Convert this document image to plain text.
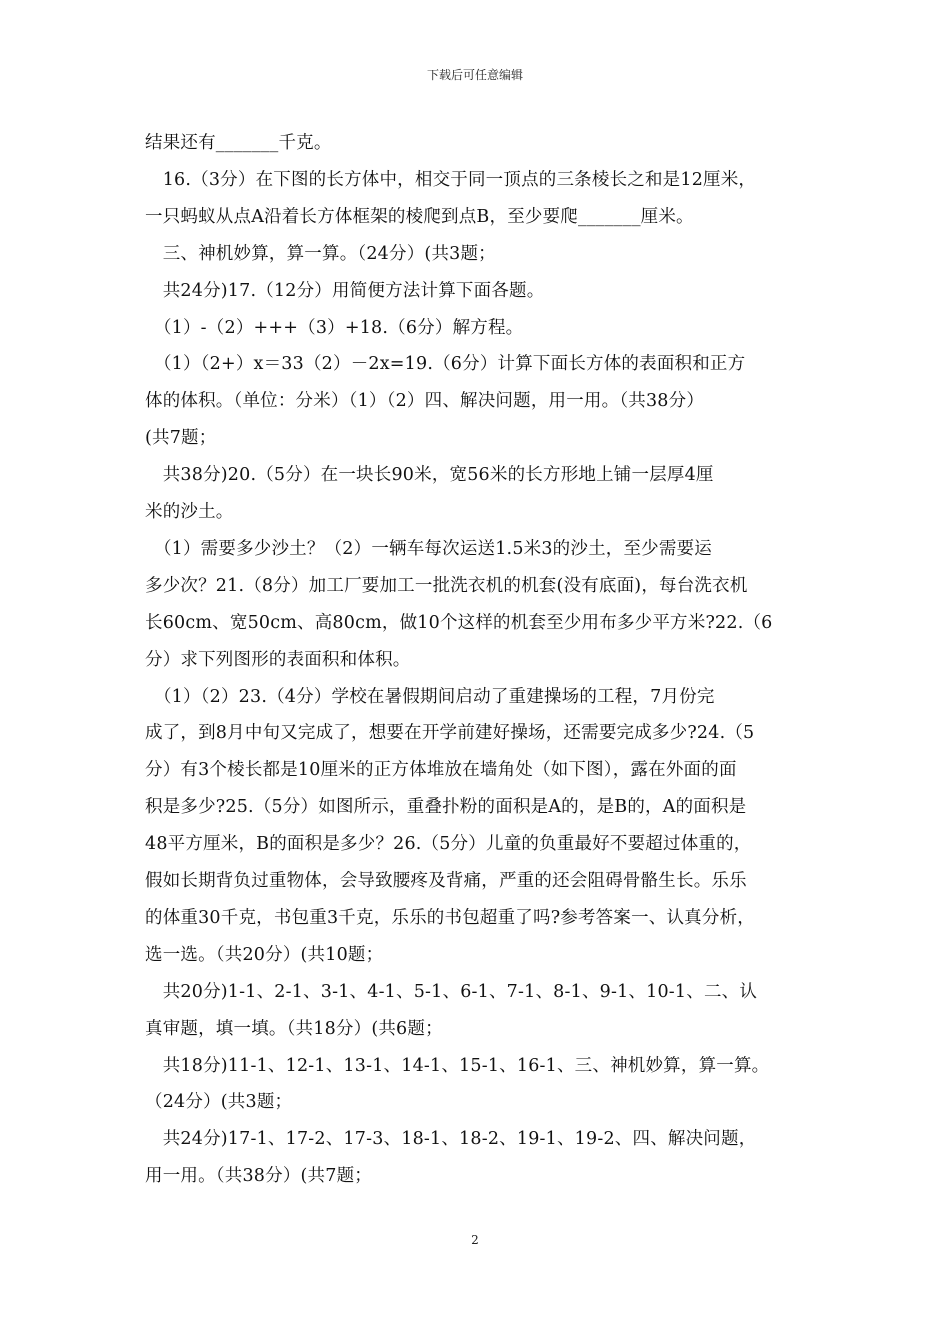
下载后可任意编辑
结果还有_______千克。
　16.（3分）在下图的长方体中，相交于同一顶点的三条棱长之和是12厘米，
一只蚂蚁从点A沿着长方体框架的棱爬到点B，至少要爬_______厘米。
　三、神机妙算，算一算。（24分）(共3题；
　共24分)17.（12分）用简便方法计算下面各题。
　（1）-（2）+++（3）+18.（6分）解方程。
　（1）（2+）x＝33（2）－2x=19.（6分）计算下面长方体的表面积和正方
体的体积。（单位：分米）（1）（2）四、解决问题，用一用。（共38分）
(共7题；
　共38分)20.（5分）在一块长90米，宽56米的长方形地上铺一层厚4厘
米的沙土。
　（1）需要多少沙土？（2）一辆车每次运送1.5米3的沙土，至少需要运
多少次？21.（8分）加工厂要加工一批洗衣机的机套(没有底面)，每台洗衣机
长60cm、宽50cm、高80cm，做10个这样的机套至少用布多少平方米?22.（6
分）求下列图形的表面积和体积。
　（1）（2）23.（4分）学校在暑假期间启动了重建操场的工程，7月份完
成了，到8月中旬又完成了，想要在开学前建好操场，还需要完成多少?24.（5
分）有3个棱长都是10厘米的正方体堆放在墙角处（如下图），露在外面的面
积是多少?25.（5分）如图所示，重叠扑粉的面积是A的，是B的，A的面积是
48平方厘米，B的面积是多少？26.（5分）儿童的负重最好不要超过体重的，
假如长期背负过重物体，会导致腰疼及背痛，严重的还会阻碍骨骼生长。乐乐
的体重30千克，书包重3千克，乐乐的书包超重了吗?参考答案一、认真分析，
选一选。（共20分）(共10题；
　共20分)1-1、2-1、3-1、4-1、5-1、6-1、7-1、8-1、9-1、10-1、二、认
真审题，填一填。（共18分）(共6题；
　共18分)11-1、12-1、13-1、14-1、15-1、16-1、三、神机妙算，算一算。
（24分）(共3题；
　共24分)17-1、17-2、17-3、18-1、18-2、19-1、19-2、四、解决问题，
用一用。（共38分）(共7题；
2
